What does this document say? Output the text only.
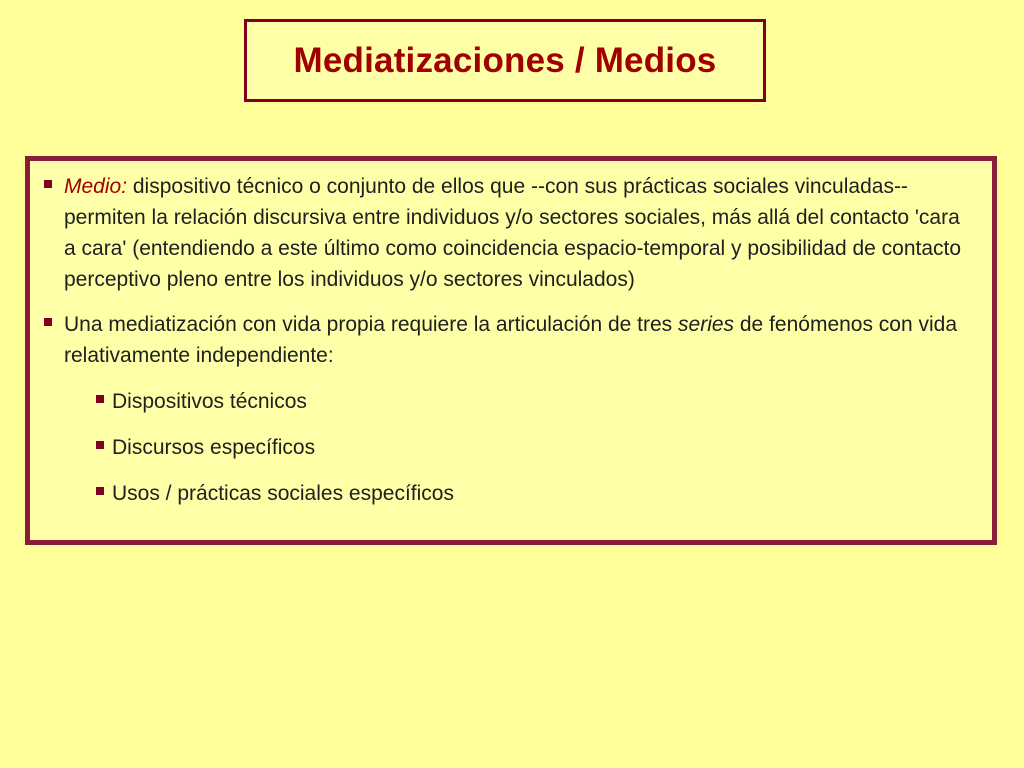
Mediatizaciones / Medios
Medio: dispositivo técnico o conjunto de ellos que --con sus prácticas sociales vinculadas-- permiten la relación discursiva entre individuos y/o sectores sociales, más allá del contacto 'cara a cara' (entendiendo a este último como coincidencia espacio-temporal y posibilidad de contacto perceptivo pleno entre los individuos y/o sectores vinculados)
Una mediatización con vida propia requiere la articulación de tres series de fenómenos con vida relativamente independiente:
Dispositivos técnicos
Discursos específicos
Usos / prácticas sociales específicos
